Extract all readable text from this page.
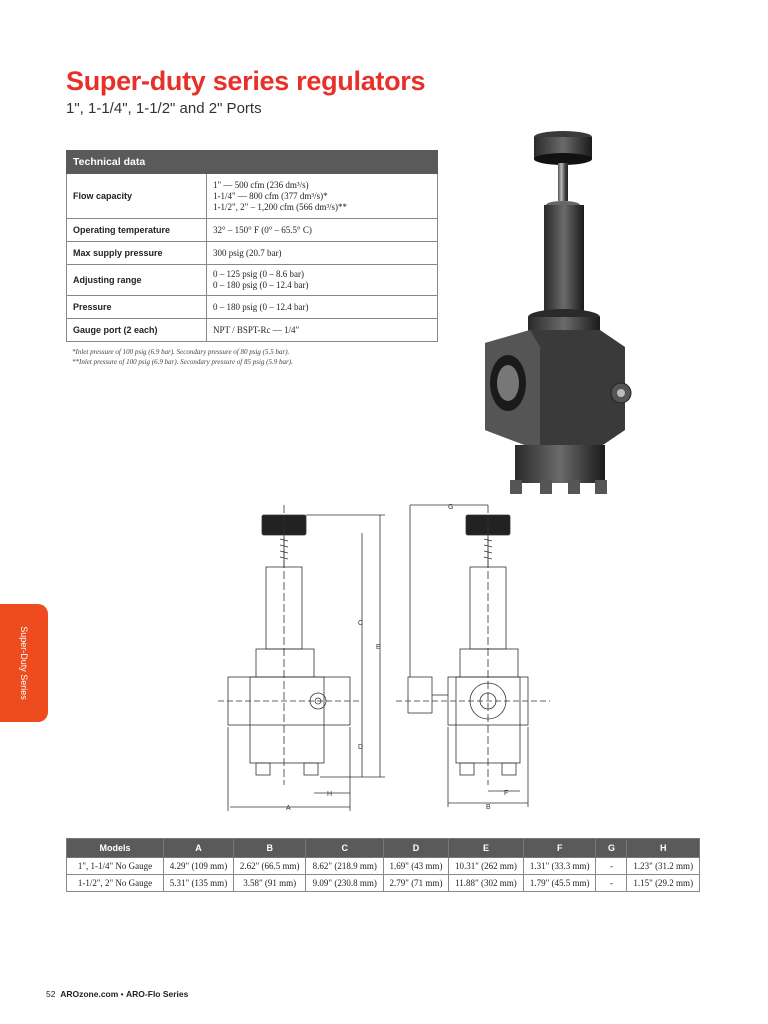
Super-duty series regulators
1", 1-1/4", 1-1/2" and 2" Ports
Technical data	
Flow capacity	1" — 500 cfm (236 dm³/s)
1-1/4" — 800 cfm (377 dm³/s)*
1-1/2", 2" – 1,200 cfm (566 dm³/s)**

Operating temperature	32° – 150° F (0° – 65.5° C)

Max supply pressure	300 psig (20.7 bar)

Adjusting range	0 – 125 psig (0 – 8.6 bar)
0 – 180 psig (0 – 12.4 bar)

Pressure	0 – 180 psig (0 – 12.4 bar)

Gauge port (2 each)	NPT / BSPT-Rc — 1/4"
*Inlet pressure of 100 psig (6.9 bar). Secondary pressure of 80 psig (5.5 bar).
**Inlet pressure of 100 psig (6.9 bar). Secondary pressure of 85 psig (5.9 bar).
C
E
D
A
H
G
F
B
Super-Duty Series
Models	A	B	C	D	E	F	G	H
1", 1-1/4" No Gauge	4.29" (109 mm)	2.62" (66.5 mm)	8.62" (218.9 mm)	1.69" (43 mm)	10.31" (262 mm)	1.31" (33.3 mm)	-	1.23" (31.2 mm)
1-1/2", 2" No Gauge	5.31" (135 mm)	3.58" (91 mm)	9.09" (230.8 mm)	2.79" (71 mm)	11.88" (302 mm)	1.79" (45.5 mm)	-	1.15" (29.2 mm)
52 AROzone.com • ARO-Flo Series
